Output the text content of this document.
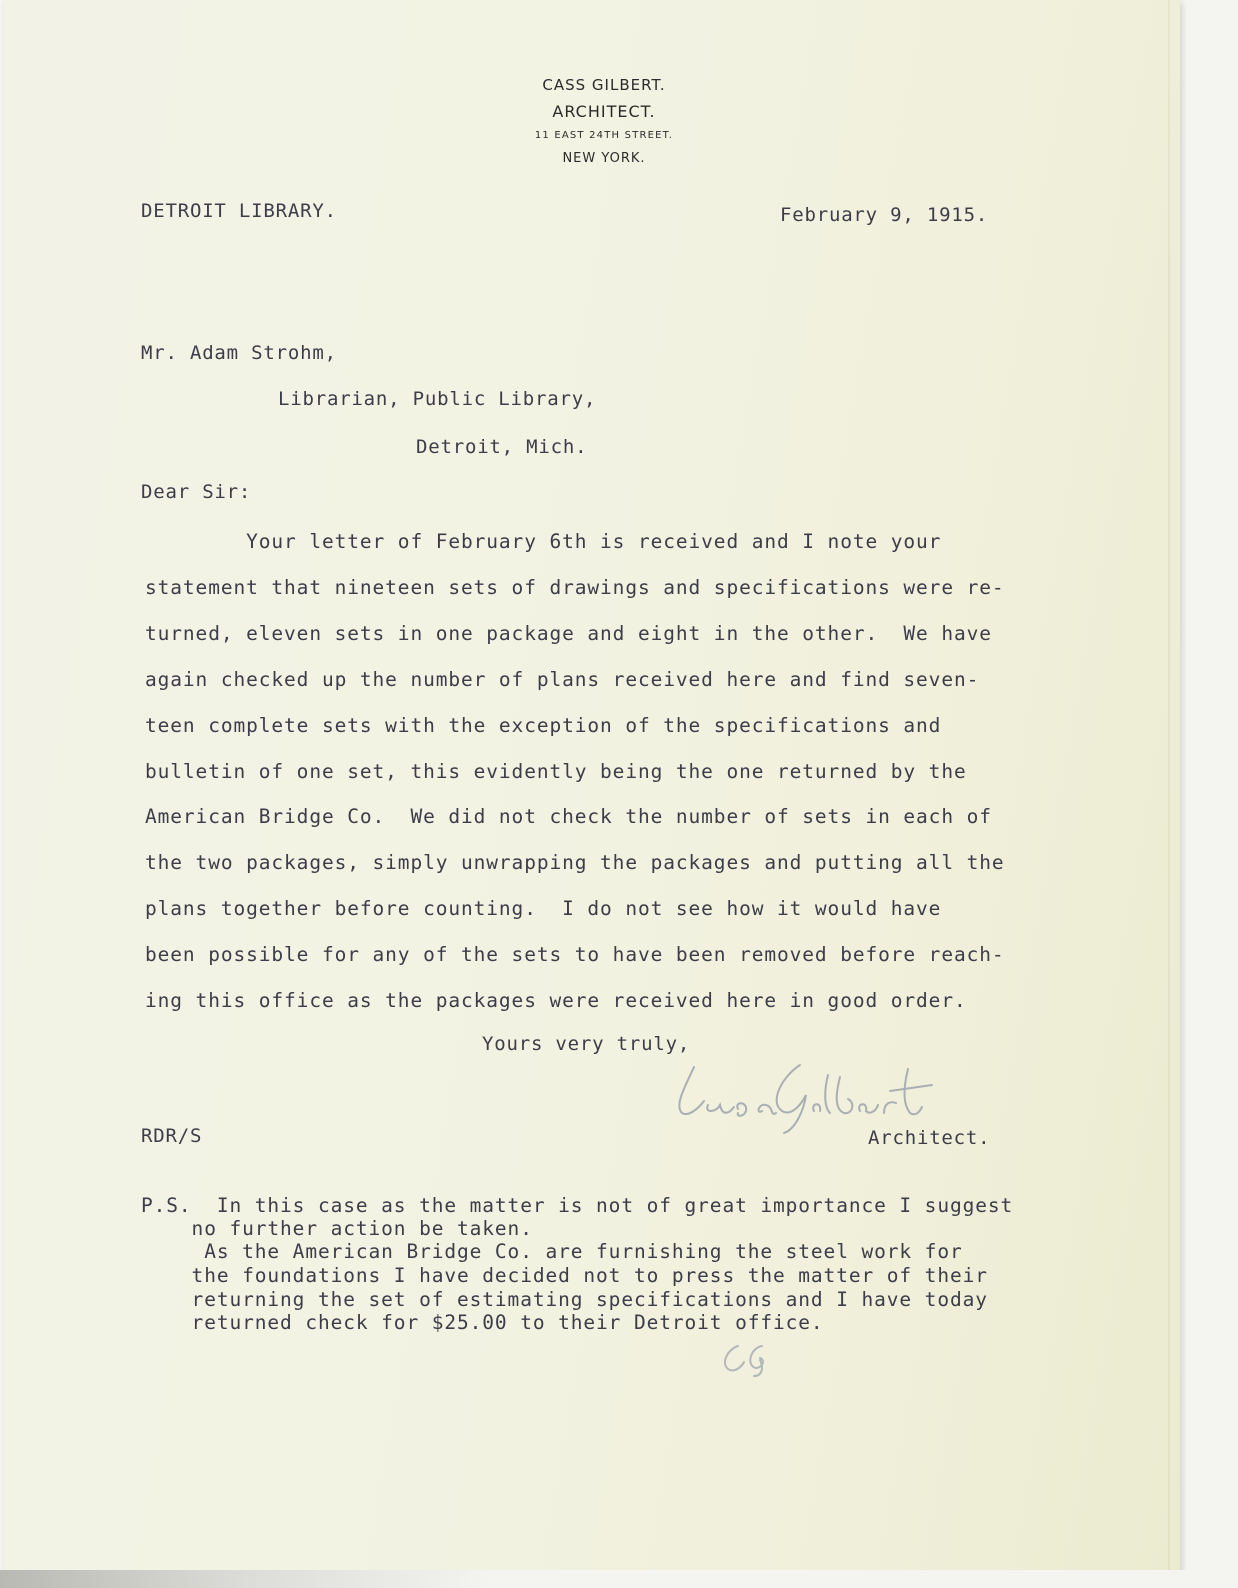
CASS GILBERT.
ARCHITECT.
11 EAST 24TH STREET.
NEW YORK.
DETROIT LIBRARY.	February 9, 1915.
Mr. Adam Strohm,
Librarian, Public Library,
Detroit, Mich.
Dear Sir:
Your letter of February 6th is received and I note your
statement that nineteen sets of drawings and specifications were re-
turned, eleven sets in one package and eight in the other.  We have
again checked up the number of plans received here and find seven-
teen complete sets with the exception of the specifications and
bulletin of one set, this evidently being the one returned by the
American Bridge Co.  We did not check the number of sets in each of
the two packages, simply unwrapping the packages and putting all the
plans together before counting.  I do not see how it would have
been possible for any of the sets to have been removed before reach-
ing this office as the packages were received here in good order.
Yours very truly,
RDR/S	Architect.
P.S.  In this case as the matter is not of great importance I suggest
no further action be taken.
As the American Bridge Co. are furnishing the steel work for
the foundations I have decided not to press the matter of their
returning the set of estimating specifications and I have today
returned check for $25.00 to their Detroit office.
